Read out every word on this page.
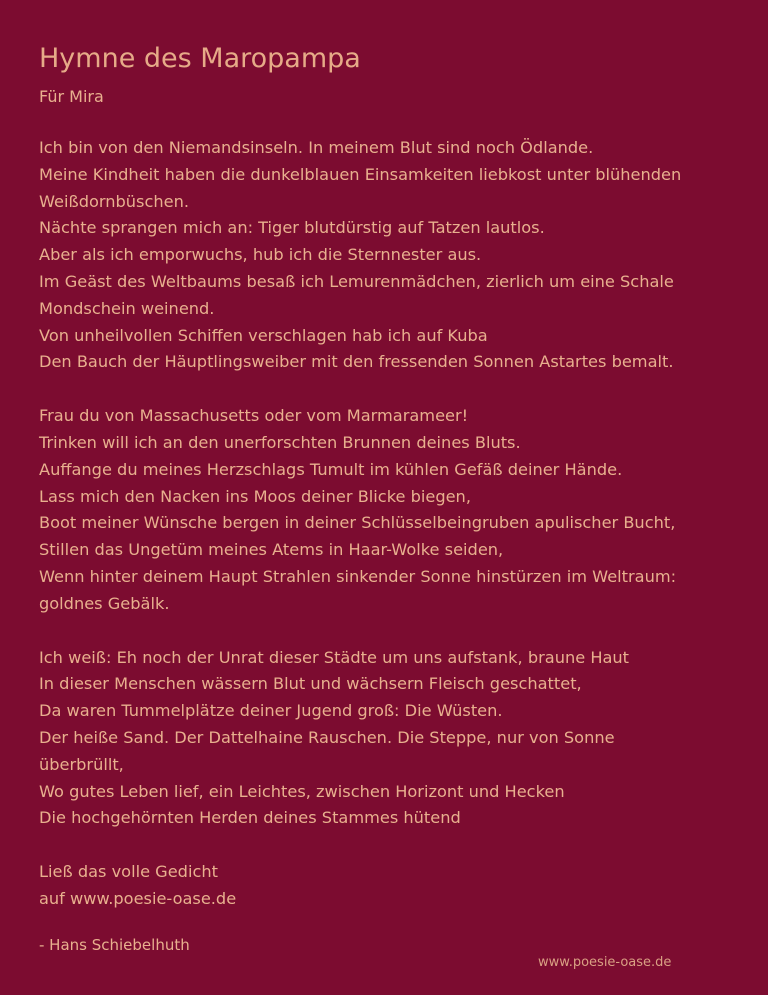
Hymne des Maropampa
Für Mira
Ich bin von den Niemandsinseln. In meinem Blut sind noch Ödlande.
Meine Kindheit haben die dunkelblauen Einsamkeiten liebkost unter blühenden
Weißdornbüschen.
Nächte sprangen mich an: Tiger blutdürstig auf Tatzen lautlos.
Aber als ich emporwuchs, hub ich die Sternnester aus.
Im Geäst des Weltbaums besaß ich Lemurenmädchen, zierlich um eine Schale
Mondschein weinend.
Von unheilvollen Schiffen verschlagen hab ich auf Kuba
Den Bauch der Häuptlingsweiber mit den fressenden Sonnen Astartes bemalt.
Frau du von Massachusetts oder vom Marmarameer!
Trinken will ich an den unerforschten Brunnen deines Bluts.
Auffange du meines Herzschlags Tumult im kühlen Gefäß deiner Hände.
Lass mich den Nacken ins Moos deiner Blicke biegen,
Boot meiner Wünsche bergen in deiner Schlüsselbeingruben apulischer Bucht,
Stillen das Ungetüm meines Atems in Haar-Wolke seiden,
Wenn hinter deinem Haupt Strahlen sinkender Sonne hinstürzen im Weltraum:
goldnes Gebälk.
Ich weiß: Eh noch der Unrat dieser Städte um uns aufstank, braune Haut
In dieser Menschen wässern Blut und wächsern Fleisch geschattet,
Da waren Tummelplätze deiner Jugend groß: Die Wüsten.
Der heiße Sand. Der Dattelhaine Rauschen. Die Steppe, nur von Sonne
überbrüllt,
Wo gutes Leben lief, ein Leichtes, zwischen Horizont und Hecken
Die hochgehörnten Herden deines Stammes hütend
Ließ das volle Gedicht
auf www.poesie-oase.de
- Hans Schiebelhuth
www.poesie-oase.de
